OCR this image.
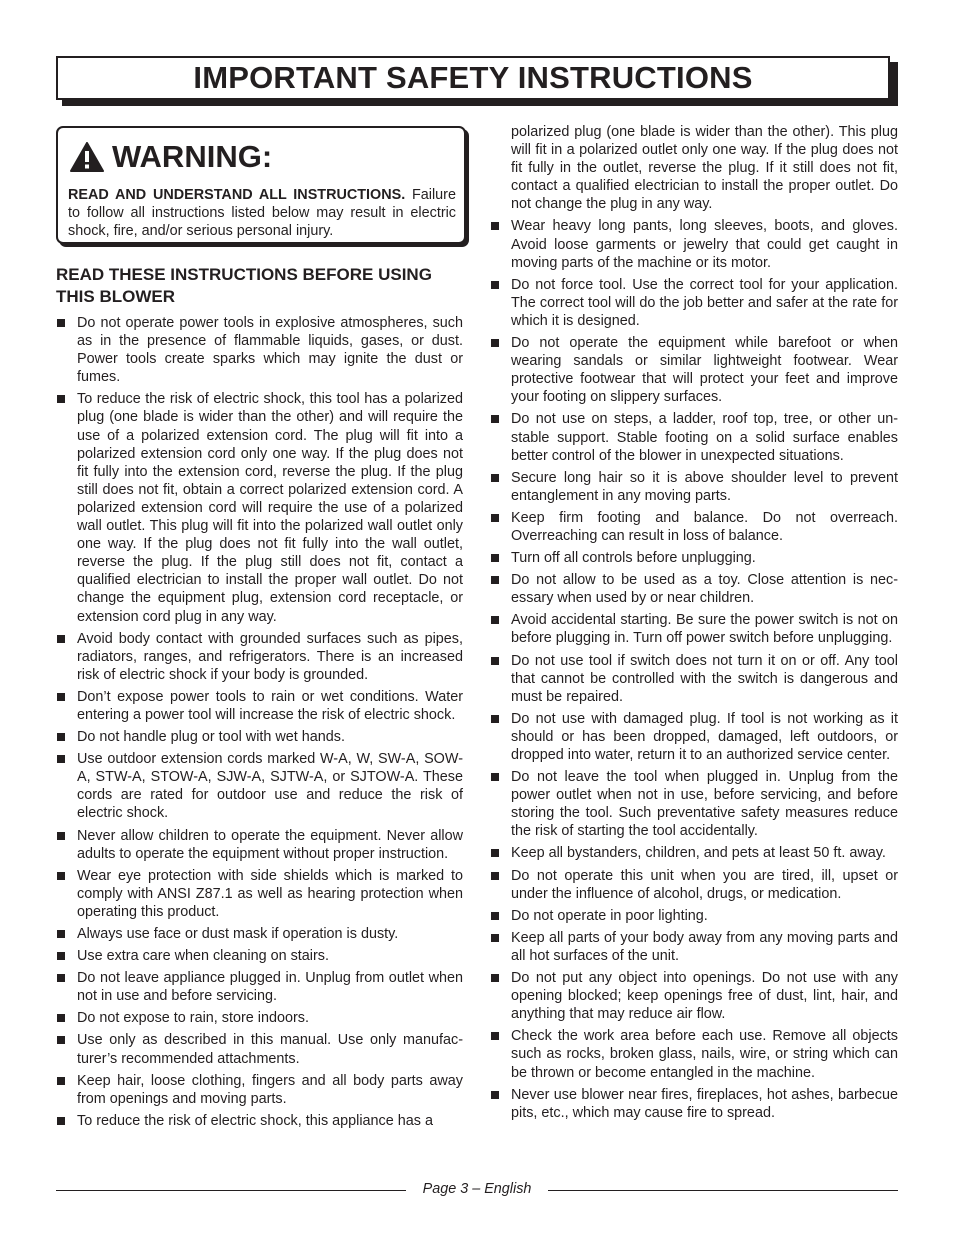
IMPORTANT SAFETY INSTRUCTIONS
WARNING:
READ AND UNDERSTAND ALL INSTRUCTIONS. Failure to follow all instructions listed below may result in electric shock, fire, and/or serious personal injury.
READ THESE INSTRUCTIONS BEFORE USING THIS BLOWER
Do not operate power tools in explosive atmospheres, such as in the presence of flammable liquids, gases, or dust. Power tools create sparks which may ignite the dust or fumes.
To reduce the risk of electric shock, this tool has a polarized plug (one blade is wider than the other) and will require the use of a polarized extension cord. The plug will fit into a polarized extension cord only one way. If the plug does not fit fully into the extension cord, reverse the plug. If the plug still does not fit, obtain a correct polarized extension cord. A polarized extension cord will require the use of a polarized wall outlet. This plug will fit into the polarized wall outlet only one way. If the plug does not fit fully into the wall outlet, reverse the plug. If the plug still does not fit, contact a qualified electrician to install the proper wall outlet. Do not change the equipment plug, extension cord receptacle, or extension cord plug in any way.
Avoid body contact with grounded surfaces such as pipes, radiators, ranges, and refrigerators. There is an increased risk of electric shock if your body is grounded.
Don’t expose power tools to rain or wet conditions. Water entering a power tool will increase the risk of electric shock.
Do not handle plug or tool with wet hands.
Use outdoor extension cords marked W-A, W, SW-A, SOW-A, STW-A, STOW-A, SJW-A, SJTW-A, or SJTOW-A. These cords are rated for outdoor use and reduce the risk of electric shock.
Never allow children to operate the equipment. Never allow adults to operate the equipment without proper instruction.
Wear eye protection with side shields which is marked to comply with ANSI Z87.1 as well as hearing protection when operating this product.
Always use face or dust mask if operation is dusty.
Use extra care when cleaning on stairs.
Do not leave appliance plugged in. Unplug from outlet when not in use and before servicing.
Do not expose to rain, store indoors.
Use only as described in this manual. Use only manufacturer’s recommended attachments.
Keep hair, loose clothing, fingers and all body parts away from openings and moving parts.
To reduce the risk of electric shock, this appliance has a
polarized plug (one blade is wider than the other). This plug will fit in a polarized outlet only one way. If the plug does not fit fully in the outlet, reverse the plug. If it still does not fit, contact a qualified electrician to install the proper outlet. Do not change the plug in any way.
Wear heavy long pants, long sleeves, boots, and gloves. Avoid loose garments or jewelry that could get caught in moving parts of the machine or its motor.
Do not force tool. Use the correct tool for your application. The correct tool will do the job better and safer at the rate for which it is designed.
Do not operate the equipment while barefoot or when wearing sandals or similar lightweight footwear. Wear protective footwear that will protect your feet and improve your footing on slippery surfaces.
Do not use on steps, a ladder, roof top, tree, or other unstable support. Stable footing on a solid surface enables better control of the blower in unexpected situations.
Secure long hair so it is above shoulder level to prevent entanglement in any moving parts.
Keep firm footing and balance. Do not overreach. Overreaching can result in loss of balance.
Turn off all controls before unplugging.
Do not allow to be used as a toy. Close attention is necessary when used by or near children.
Avoid accidental starting. Be sure the power switch is not on before plugging in. Turn off power switch before unplugging.
Do not use tool if switch does not turn it on or off. Any tool that cannot be controlled with the switch is dangerous and must be repaired.
Do not use with damaged plug. If tool is not working as it should or has been dropped, damaged, left outdoors, or dropped into water, return it to an authorized service center.
Do not leave the tool when plugged in. Unplug from the power outlet when not in use, before servicing, and before storing the tool. Such preventative safety measures reduce the risk of starting the tool accidentally.
Keep all bystanders, children, and pets at least 50 ft. away.
Do not operate this unit when you are tired, ill, upset or under the influence of alcohol, drugs, or medication.
Do not operate in poor lighting.
Keep all parts of your body away from any moving parts and all hot surfaces of the unit.
Do not put any object into openings. Do not use with any opening blocked; keep openings free of dust, lint, hair, and anything that may reduce air flow.
Check the work area before each use. Remove all objects such as rocks, broken glass, nails, wire, or string which can be thrown or become entangled in the machine.
Never use blower near fires, fireplaces, hot ashes, barbecue pits, etc., which may cause fire to spread.
Page 3 – English
